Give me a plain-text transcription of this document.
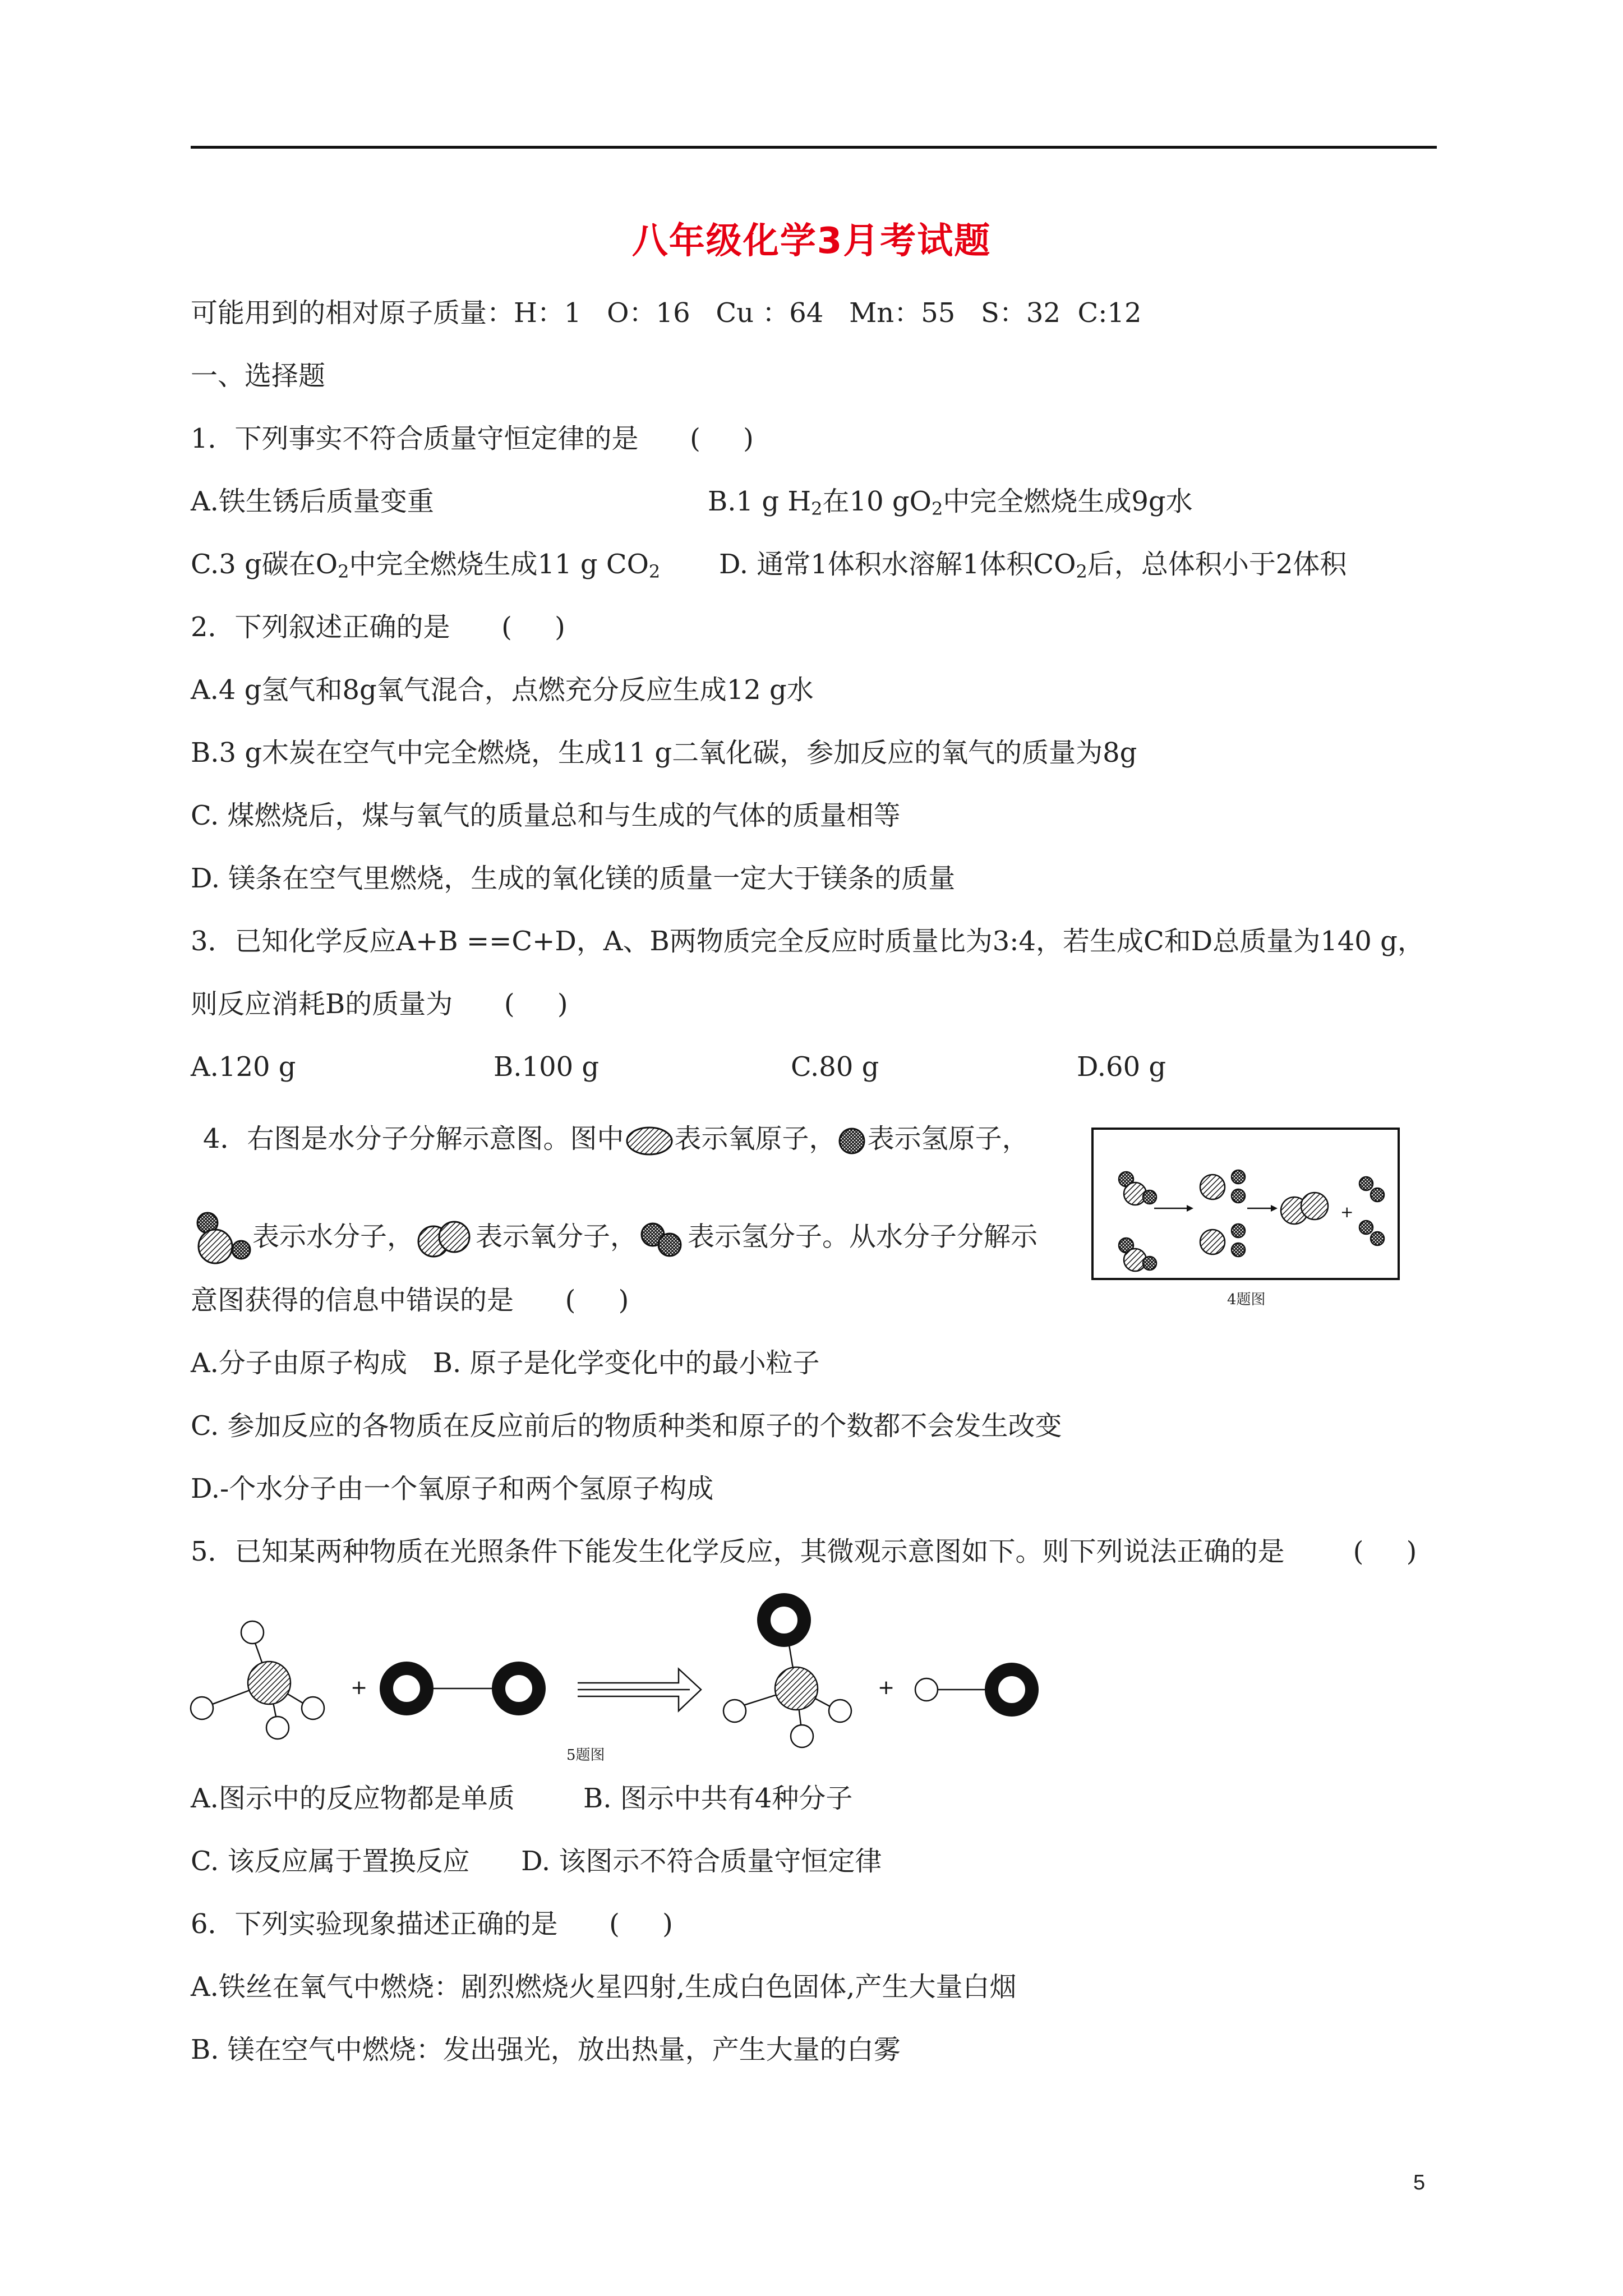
八年级化学3月考试题
可能用到的相对原子质量：H：1   O：16   Cu ：64   Mn：55   S：32  C:12
一、选择题
1．下列事实不符合质量守恒定律的是 (     )
A.铁生锈后质量变重	B.1 g $H_2$在10 $gO_2$中完全燃烧生成9g水
C.3 g碳在$O_2$中完全燃烧生成11 g $CO_2$ D. 通常1体积水溶解1体积$CO_2$后，总体积小于2体积
2．下列叙述正确的是 (     )
A.4 g氢气和8g氧气混合，点燃充分反应生成12 g水
B.3 g木炭在空气中完全燃烧，生成11 g二氧化碳，参加反应的氧气的质量为8g
C. 煤燃烧后，煤与氧气的质量总和与生成的气体的质量相等
D. 镁条在空气里燃烧，生成的氧化镁的质量一定大于镁条的质量
3．已知化学反应A+B ==C+D，A、B两物质完全反应时质量比为3:4，若生成C和D总质量为140 g，
则反应消耗B的质量为 (     )
A.120 g	B.100 g	C.80 g	D.60 g
4．右图是水分子分解示意图。图中 表示氧原子， 表示氢原子，
表示水分子， 表示氧分子， 表示氢分子。从水分子分解示
意图获得的信息中错误的是 (     )
+
4题图
A.分子由原子构成   B. 原子是化学变化中的最小粒子
C. 参加反应的各物质在反应前后的物质种类和原子的个数都不会发生改变
D.-个水分子由一个氧原子和两个氢原子构成
5．已知某两种物质在光照条件下能发生化学反应，其微观示意图如下。则下列说法正确的是	(     )
+	+
5题图
A.图示中的反应物都是单质        B. 图示中共有4种分子
C. 该反应属于置换反应      D. 该图示不符合质量守恒定律
6．下列实验现象描述正确的是 (     )
A.铁丝在氧气中燃烧：剧烈燃烧火星四射,生成白色固体,产生大量白烟
B. 镁在空气中燃烧：发出强光，放出热量，产生大量的白雾
5
